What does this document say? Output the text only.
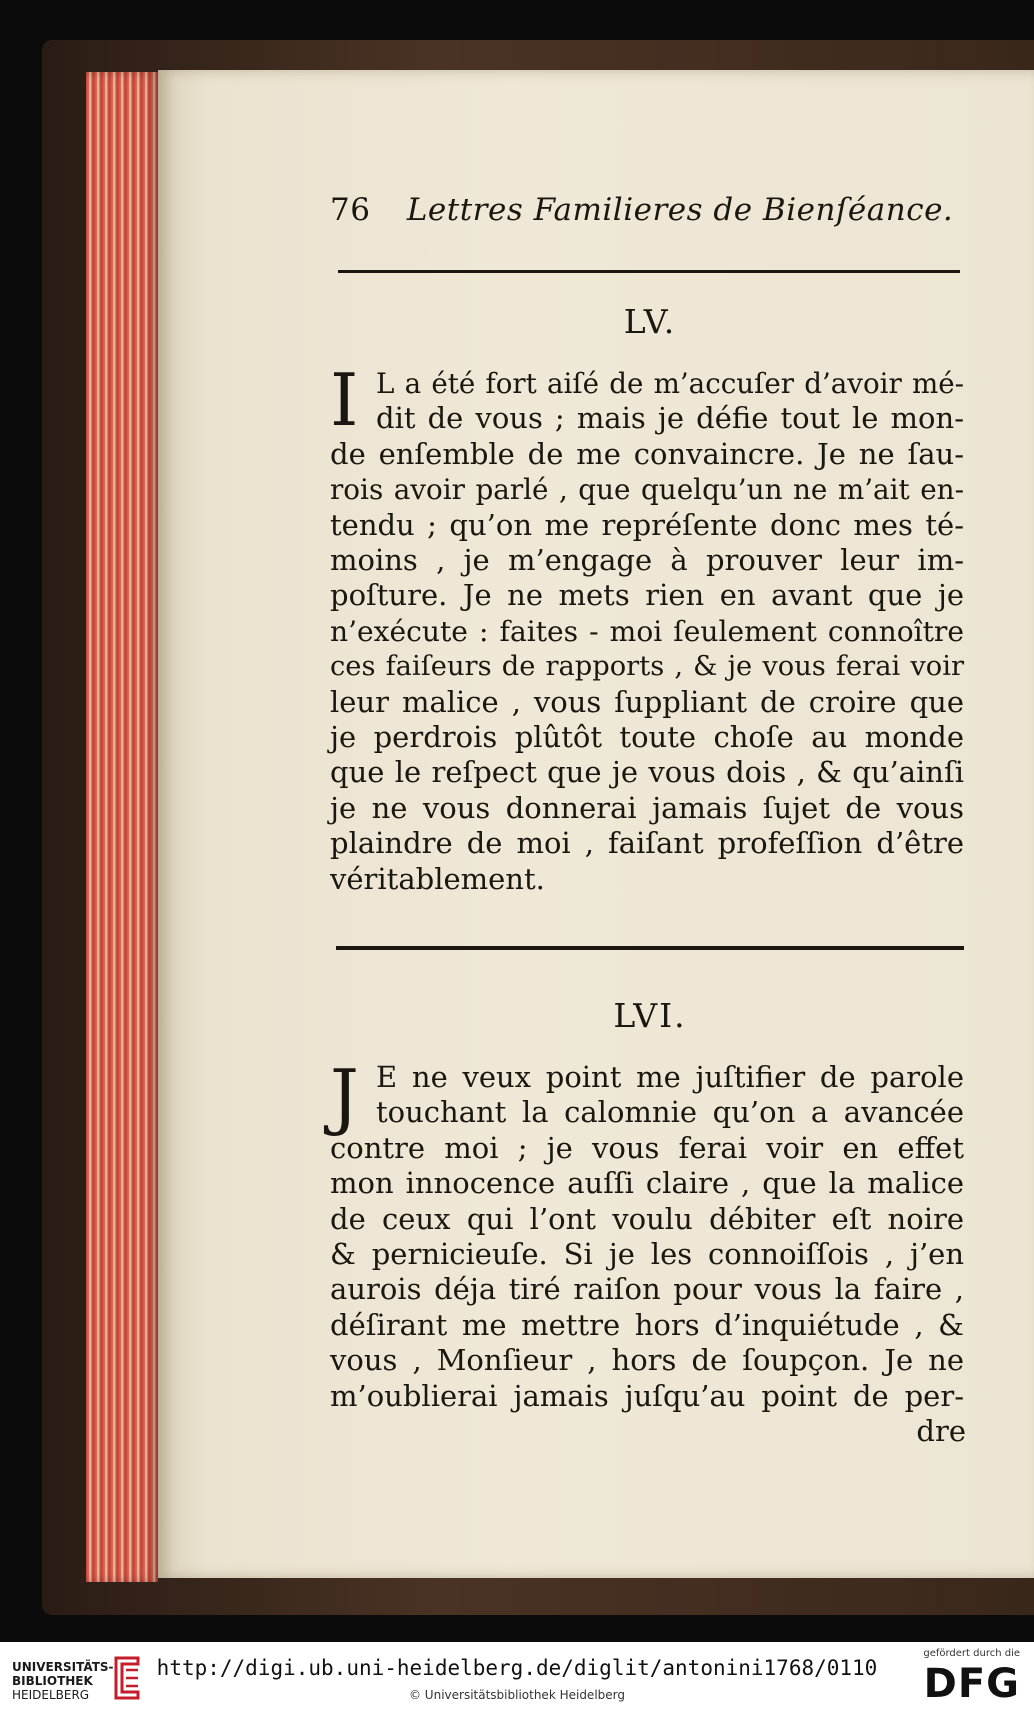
76 Lettres Familieres de Bienſéance.
LV.
I L a été fort aiſé de m’accuſer d’avoir mé-
dit de vous ; mais je défie tout le mon-
de enſemble de me convaincre. Je ne ſau-
rois avoir parlé , que quelqu’un ne m’ait en-
tendu ; qu’on me repréſente donc mes té-
moins , je m’engage à prouver leur im-
poſture. Je ne mets rien en avant que je
n’exécute : faites - moi ſeulement connoître
ces faiſeurs de rapports , & je vous ferai voir
leur malice , vous ſuppliant de croire que
je perdrois plûtôt toute choſe au monde
que le reſpect que je vous dois , & qu’ainſi
je ne vous donnerai jamais ſujet de vous
plaindre de moi , faiſant profeſſion d’être
véritablement.
LVI.
J E ne veux point me juſtifier de parole
touchant la calomnie qu’on a avancée
contre moi ; je vous ferai voir en effet
mon innocence auſſi claire , que la malice
de ceux qui l’ont voulu débiter eſt noire
& pernicieuſe. Si je les connoiſſois , j’en
aurois déja tiré raiſon pour vous la faire ,
déſirant me mettre hors d’inquiétude , &
vous , Monſieur , hors de ſoupçon. Je ne
m’oublierai jamais juſqu’au point de per-
dre
UNIVERSITÄTS-
BIBLIOTHEK
HEIDELBERG
http://digi.ub.uni-heidelberg.de/diglit/antonini1768/0110
© Universitätsbibliothek Heidelberg
gefördert durch die
DFG
